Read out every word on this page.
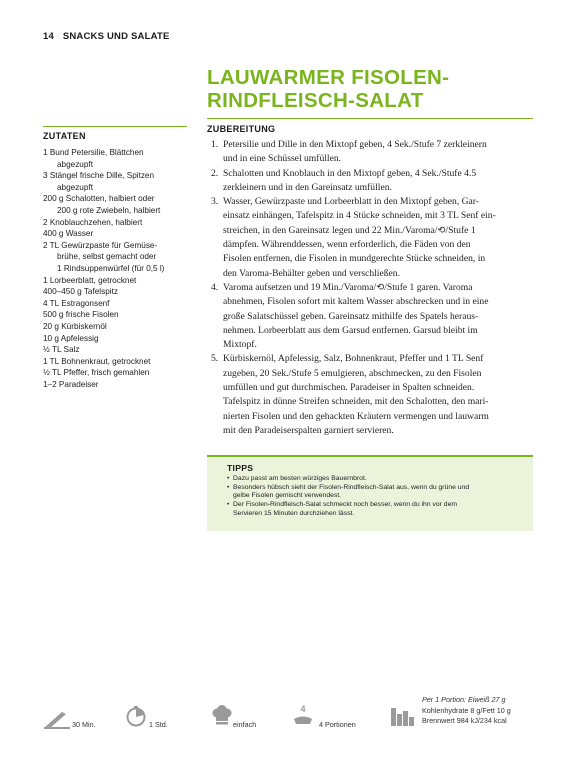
14 SNACKS UND SALATE
LAUWARMER FISOLEN-
RINDFLEISCH-SALAT
ZUTATEN
1 Bund Petersilie, Blättchen
abgezupft
3 Stängel frische Dille, Spitzen
abgezupft
200 g Schalotten, halbiert oder
200 g rote Zwiebeln, halbiert
2 Knoblauchzehen, halbiert
400 g Wasser
2 TL Gewürzpaste für Gemüse-
brühe, selbst gemacht oder
1 Rindsuppenwürfel (für 0,5 l)
1 Lorbeerblatt, getrocknet
400–450 g Tafelspitz
4 TL Estragonsenf
500 g frische Fisolen
20 g Kürbiskernöl
10 g Apfelessig
½ TL Salz
1 TL Bohnenkraut, getrocknet
½ TL Pfeffer, frisch gemahlen
1–2 Paradeiser
ZUBEREITUNG
1. Petersilie und Dille in den Mixtopf geben, 4 Sek./Stufe 7 zerkleinern
und in eine Schüssel umfüllen.
2. Schalotten und Knoblauch in den Mixtopf geben, 4 Sek./Stufe 4.5
zerkleinern und in den Gareinsatz umfüllen.
3. Wasser, Gewürzpaste und Lorbeerblatt in den Mixtopf geben, Gar-
einsatz einhängen, Tafelspitz in 4 Stücke schneiden, mit 3 TL Senf ein-
streichen, in den Gareinsatz legen und 22 Min./Varoma/⟲/Stufe 1
dämpfen. Währenddessen, wenn erforderlich, die Fäden von den
Fisolen entfernen, die Fisolen in mundgerechte Stücke schneiden, in
den Varoma-Behälter geben und verschließen.
4. Varoma aufsetzen und 19 Min./Varoma/⟲/Stufe 1 garen. Varoma
abnehmen, Fisolen sofort mit kaltem Wasser abschrecken und in eine
große Salatschüssel geben. Gareinsatz mithilfe des Spatels heraus-
nehmen. Lorbeerblatt aus dem Garsud entfernen. Garsud bleibt im
Mixtopf.
5. Kürbiskernöl, Apfelessig, Salz, Bohnenkraut, Pfeffer und 1 TL Senf
zugeben, 20 Sek./Stufe 5 emulgieren, abschmecken, zu den Fisolen
umfüllen und gut durchmischen. Paradeiser in Spalten schneiden.
Tafelspitz in dünne Streifen schneiden, mit den Schalotten, den mari-
nierten Fisolen und den gehackten Kräutern vermengen und lauwarm
mit den Paradeiserspalten garniert servieren.
TIPPS
• Dazu passt am besten würziges Bauernbrot.
• Besonders hübsch sieht der Fisolen-Rindfleisch-Salat aus, wenn du grüne und
gelbe Fisolen gemischt verwendest.
• Der Fisolen-Rindfleisch-Salat schmeckt noch besser, wenn du ihn vor dem
Servieren 15 Minuten durchziehen lässt.
30 Min.	1 Std.	einfach
4
4 Portionen
Per 1 Portion: Eiweiß 27 g
Kohlenhydrate 8 g/Fett 10 g
Brennwert 984 kJ/234 kcal
